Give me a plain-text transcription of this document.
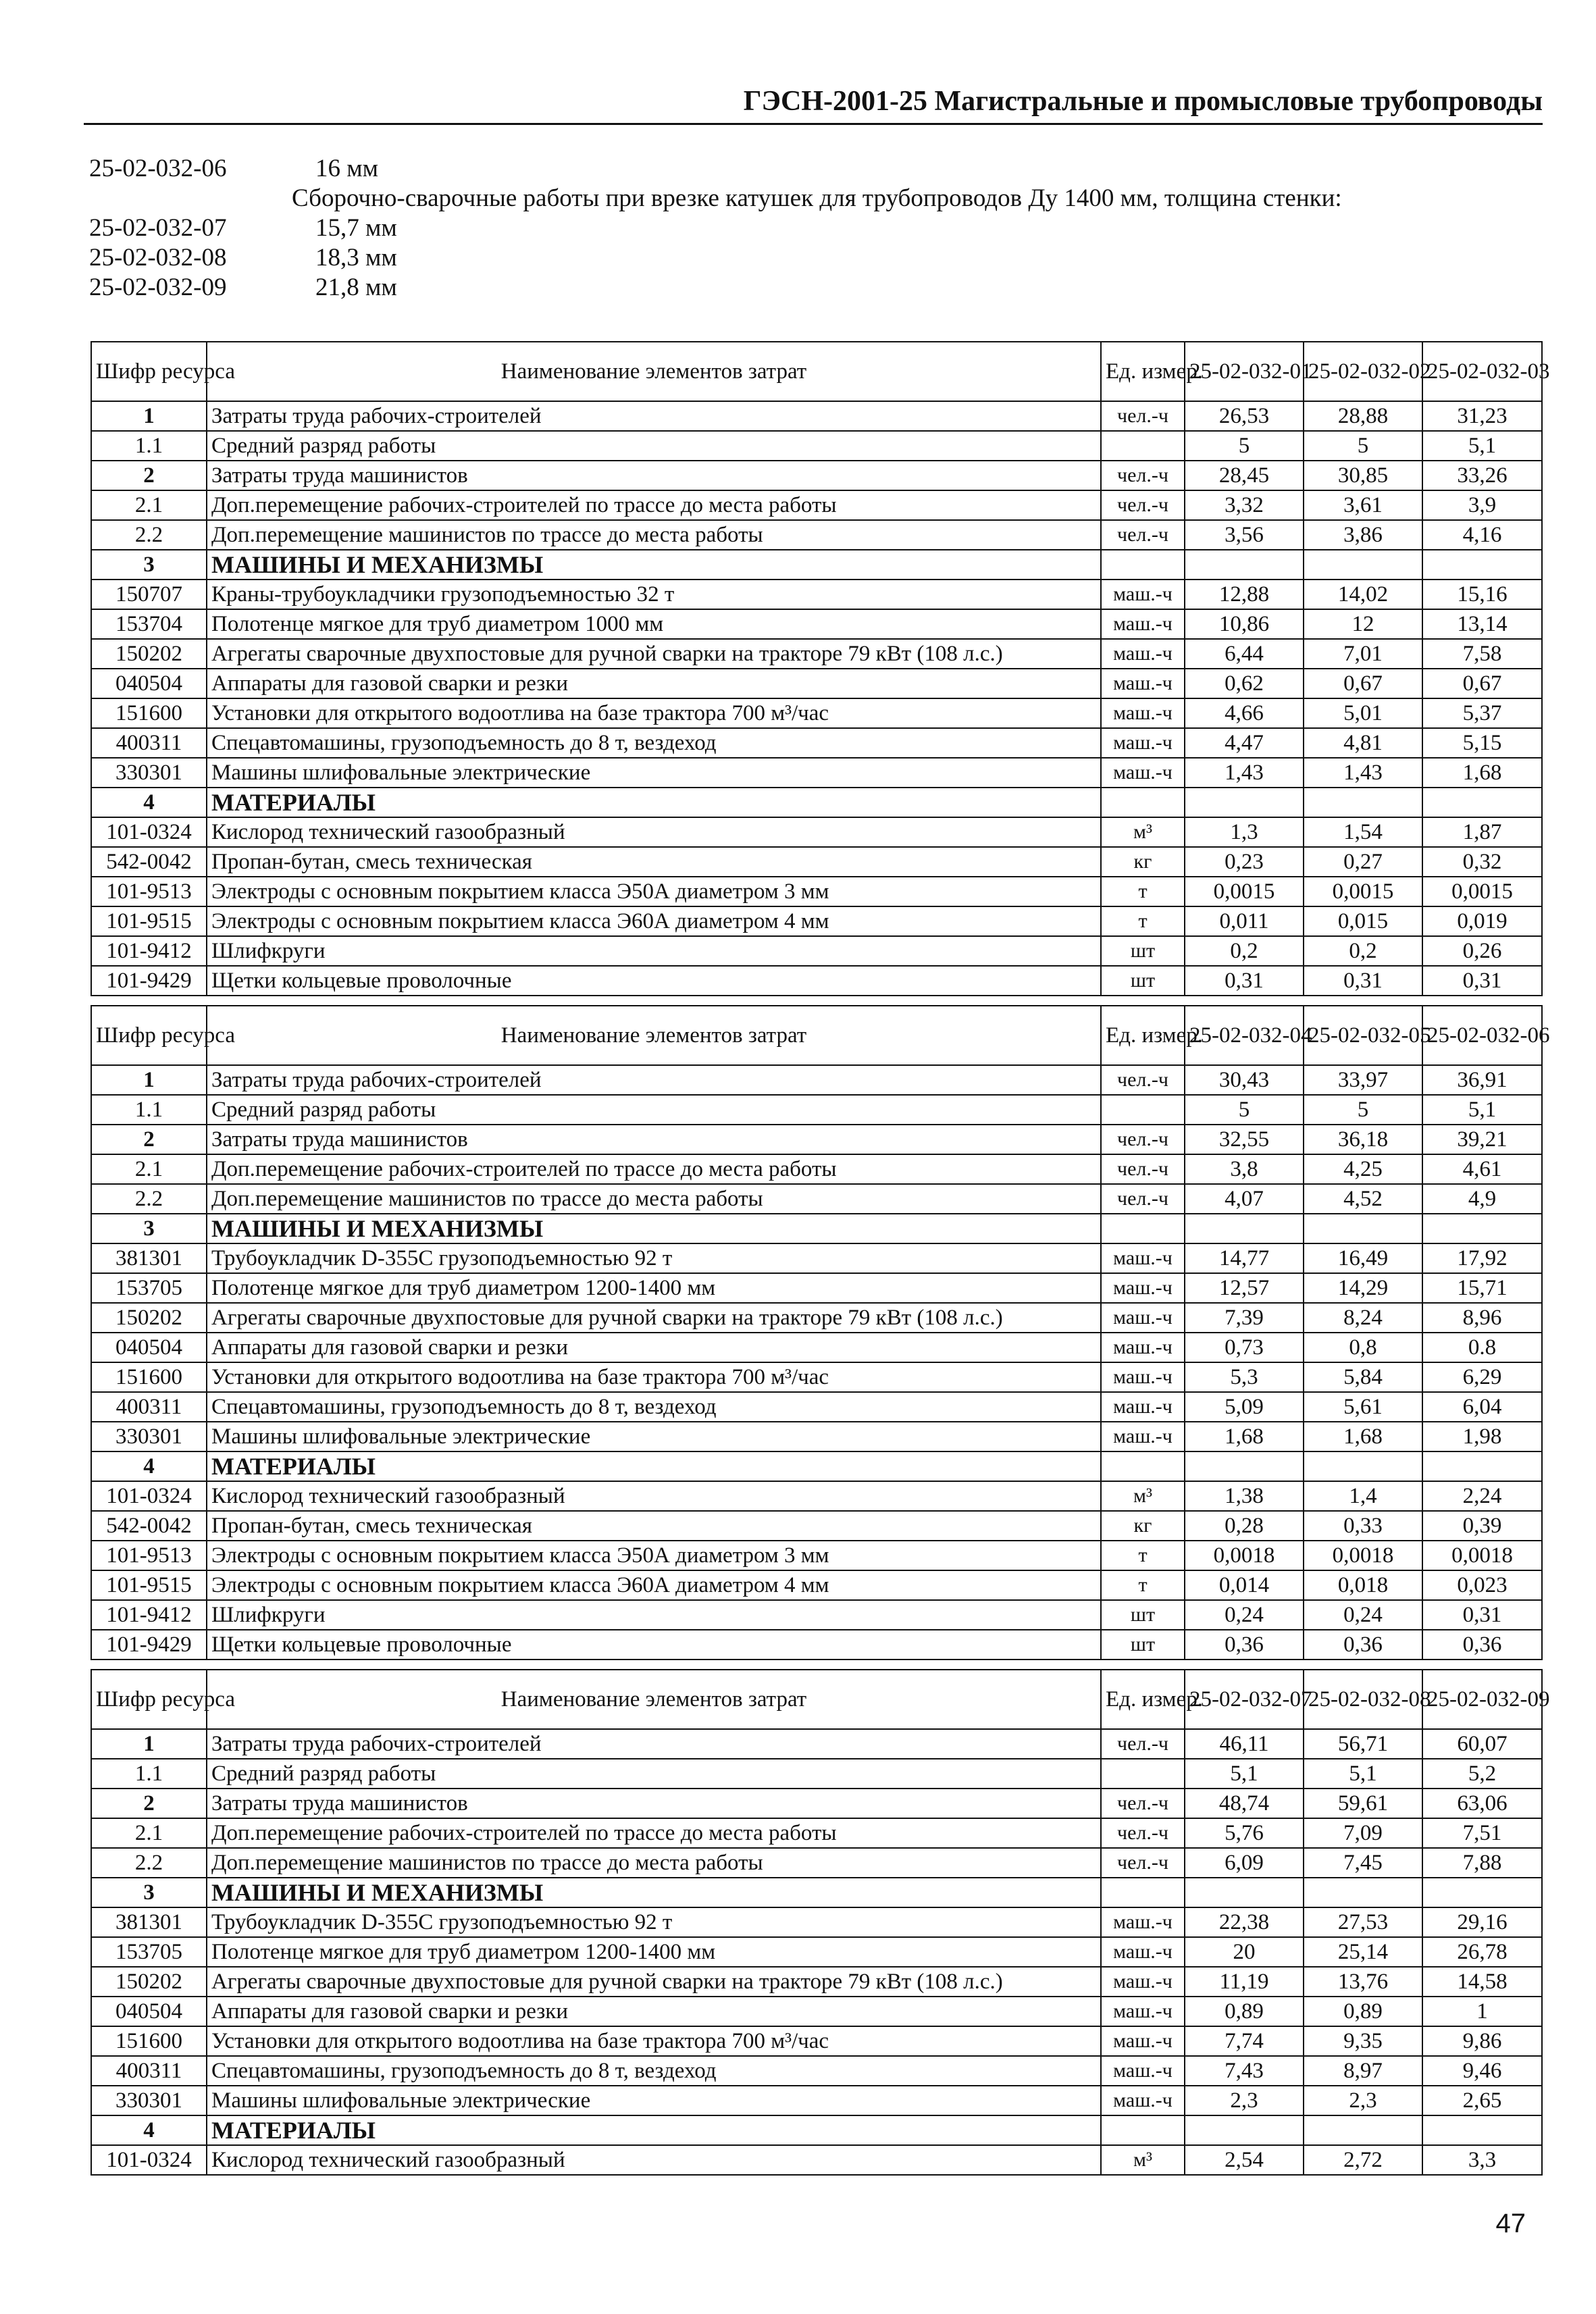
ГЭСН-2001-25 Магистральные и промысловые трубопроводы
25-02-032-06	16 мм
Сборочно-сварочные работы при врезке катушек для трубопроводов Ду 1400 мм, толщина стенки:
25-02-032-07	15,7 мм
25-02-032-08	18,3 мм
25-02-032-09	21,8 мм
Шифр ресурса	Наименование элементов затрат	Ед. измер.	25-02-032-01	25-02-032-02	25-02-032-03
1	Затраты труда рабочих-строителей	чел.-ч	26,53	28,88	31,23
1.1	Средний разряд работы		5	5	5,1
2	Затраты труда машинистов	чел.-ч	28,45	30,85	33,26
2.1	Доп.перемещение рабочих-строителей по трассе до места работы	чел.-ч	3,32	3,61	3,9
2.2	Доп.перемещение машинистов по трассе до места работы	чел.-ч	3,56	3,86	4,16
3	МАШИНЫ И МЕХАНИЗМЫ				
150707	Краны-трубоукладчики грузоподъемностью 32 т	маш.-ч	12,88	14,02	15,16
153704	Полотенце мягкое для труб диаметром 1000 мм	маш.-ч	10,86	12	13,14
150202	Агрегаты сварочные двухпостовые для ручной сварки на тракторе 79 кВт (108 л.с.)	маш.-ч	6,44	7,01	7,58
040504	Аппараты для газовой сварки и резки	маш.-ч	0,62	0,67	0,67
151600	Установки для открытого водоотлива на базе трактора 700 м³/час	маш.-ч	4,66	5,01	5,37
400311	Спецавтомашины, грузоподъемность до 8 т, вездеход	маш.-ч	4,47	4,81	5,15
330301	Машины шлифовальные электрические	маш.-ч	1,43	1,43	1,68
4	МАТЕРИАЛЫ				
101-0324	Кислород технический газообразный	м³	1,3	1,54	1,87
542-0042	Пропан-бутан, смесь техническая	кг	0,23	0,27	0,32
101-9513	Электроды с основным покрытием класса Э50А диаметром 3 мм	т	0,0015	0,0015	0,0015
101-9515	Электроды с основным покрытием класса Э60А диаметром 4 мм	т	0,011	0,015	0,019
101-9412	Шлифкруги	шт	0,2	0,2	0,26
101-9429	Щетки кольцевые проволочные	шт	0,31	0,31	0,31
Шифр ресурса	Наименование элементов затрат	Ед. измер.	25-02-032-04	25-02-032-05	25-02-032-06
1	Затраты труда рабочих-строителей	чел.-ч	30,43	33,97	36,91
1.1	Средний разряд работы		5	5	5,1
2	Затраты труда машинистов	чел.-ч	32,55	36,18	39,21
2.1	Доп.перемещение рабочих-строителей по трассе до места работы	чел.-ч	3,8	4,25	4,61
2.2	Доп.перемещение машинистов по трассе до места работы	чел.-ч	4,07	4,52	4,9
3	МАШИНЫ И МЕХАНИЗМЫ				
381301	Трубоукладчик D-355C грузоподъемностью 92 т	маш.-ч	14,77	16,49	17,92
153705	Полотенце мягкое для труб диаметром 1200-1400 мм	маш.-ч	12,57	14,29	15,71
150202	Агрегаты сварочные двухпостовые для ручной сварки на тракторе 79 кВт (108 л.с.)	маш.-ч	7,39	8,24	8,96
040504	Аппараты для газовой сварки и резки	маш.-ч	0,73	0,8	0.8
151600	Установки для открытого водоотлива на базе трактора 700 м³/час	маш.-ч	5,3	5,84	6,29
400311	Спецавтомашины, грузоподъемность до 8 т, вездеход	маш.-ч	5,09	5,61	6,04
330301	Машины шлифовальные электрические	маш.-ч	1,68	1,68	1,98
4	МАТЕРИАЛЫ				
101-0324	Кислород технический газообразный	м³	1,38	1,4	2,24
542-0042	Пропан-бутан, смесь техническая	кг	0,28	0,33	0,39
101-9513	Электроды с основным покрытием класса Э50А диаметром 3 мм	т	0,0018	0,0018	0,0018
101-9515	Электроды с основным покрытием класса Э60А диаметром 4 мм	т	0,014	0,018	0,023
101-9412	Шлифкруги	шт	0,24	0,24	0,31
101-9429	Щетки кольцевые проволочные	шт	0,36	0,36	0,36
Шифр ресурса	Наименование элементов затрат	Ед. измер.	25-02-032-07	25-02-032-08	25-02-032-09
1	Затраты труда рабочих-строителей	чел.-ч	46,11	56,71	60,07
1.1	Средний разряд работы		5,1	5,1	5,2
2	Затраты труда машинистов	чел.-ч	48,74	59,61	63,06
2.1	Доп.перемещение рабочих-строителей по трассе до места работы	чел.-ч	5,76	7,09	7,51
2.2	Доп.перемещение машинистов по трассе до места работы	чел.-ч	6,09	7,45	7,88
3	МАШИНЫ И МЕХАНИЗМЫ				
381301	Трубоукладчик D-355C грузоподъемностью 92 т	маш.-ч	22,38	27,53	29,16
153705	Полотенце мягкое для труб диаметром 1200-1400 мм	маш.-ч	20	25,14	26,78
150202	Агрегаты сварочные двухпостовые для ручной сварки на тракторе 79 кВт (108 л.с.)	маш.-ч	11,19	13,76	14,58
040504	Аппараты для газовой сварки и резки	маш.-ч	0,89	0,89	1
151600	Установки для открытого водоотлива на базе трактора 700 м³/час	маш.-ч	7,74	9,35	9,86
400311	Спецавтомашины, грузоподъемность до 8 т, вездеход	маш.-ч	7,43	8,97	9,46
330301	Машины шлифовальные электрические	маш.-ч	2,3	2,3	2,65
4	МАТЕРИАЛЫ				
101-0324	Кислород технический газообразный	м³	2,54	2,72	3,3
47
